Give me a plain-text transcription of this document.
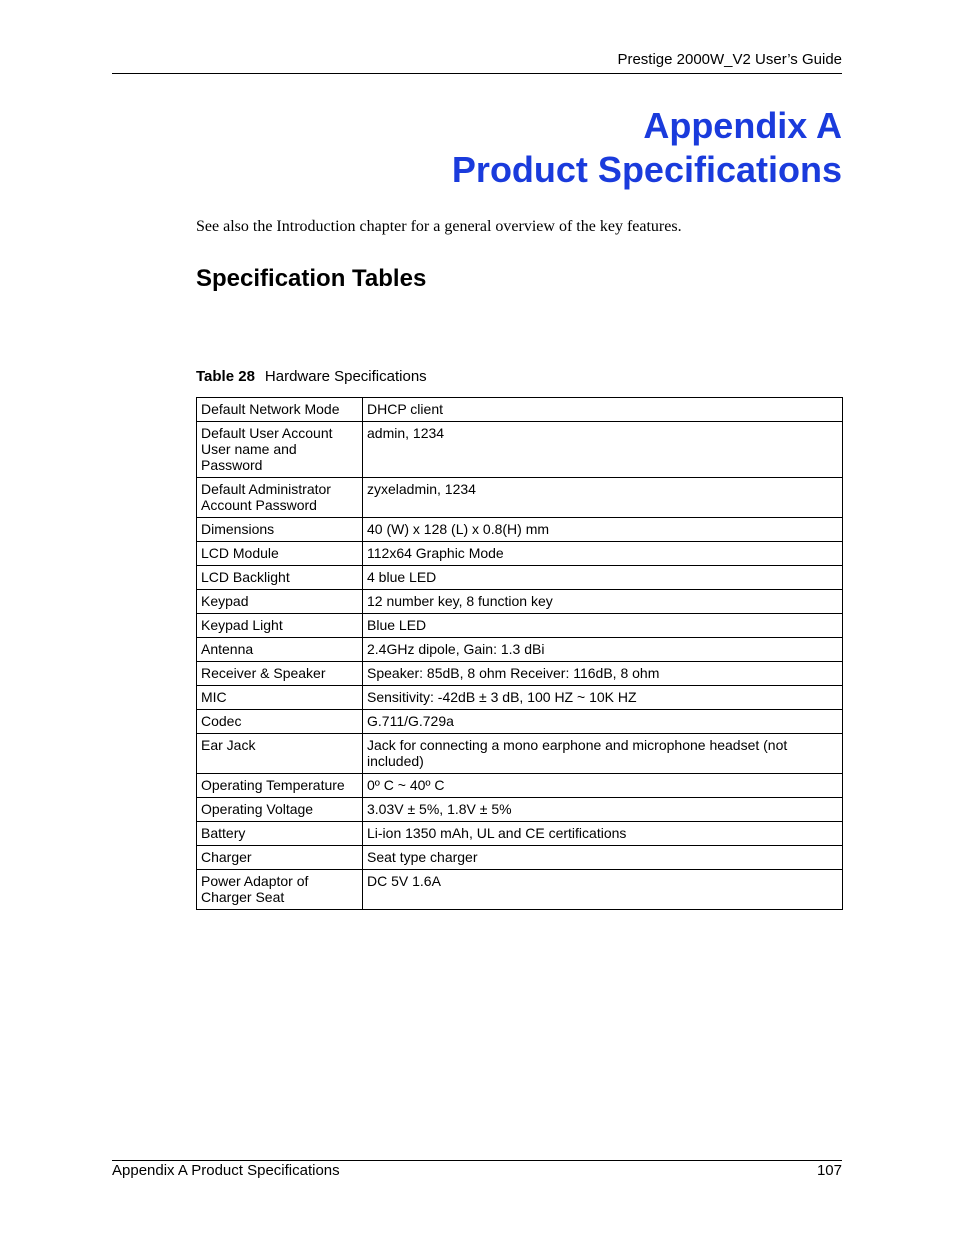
Prestige 2000W_V2 User’s Guide
Appendix A
Product Specifications

See also the Introduction chapter for a general overview of the key features.

Specification Tables
Table 28 Hardware Specifications
Default Network Mode	DHCP client
Default User Account User name and Password	admin, 1234
Default Administrator Account Password	zyxeladmin, 1234
Dimensions	40 (W) x 128 (L) x 0.8(H) mm
LCD Module	112x64 Graphic Mode
LCD Backlight	4 blue LED
Keypad	12 number key, 8 function key
Keypad Light	Blue LED
Antenna	2.4GHz dipole, Gain: 1.3 dBi
Receiver & Speaker	Speaker: 85dB, 8 ohm Receiver: 116dB, 8 ohm
MIC	Sensitivity: -42dB ± 3 dB, 100 HZ ~ 10K HZ
Codec	G.711/G.729a
Ear Jack	Jack for connecting a mono earphone and microphone headset (not included)
Operating Temperature	0º C ~ 40º C
Operating Voltage	3.03V ± 5%, 1.8V ± 5%
Battery	Li-ion 1350 mAh, UL and CE certifications
Charger	Seat type charger
Power Adaptor of Charger Seat	DC 5V 1.6A
Appendix A Product Specifications	107
